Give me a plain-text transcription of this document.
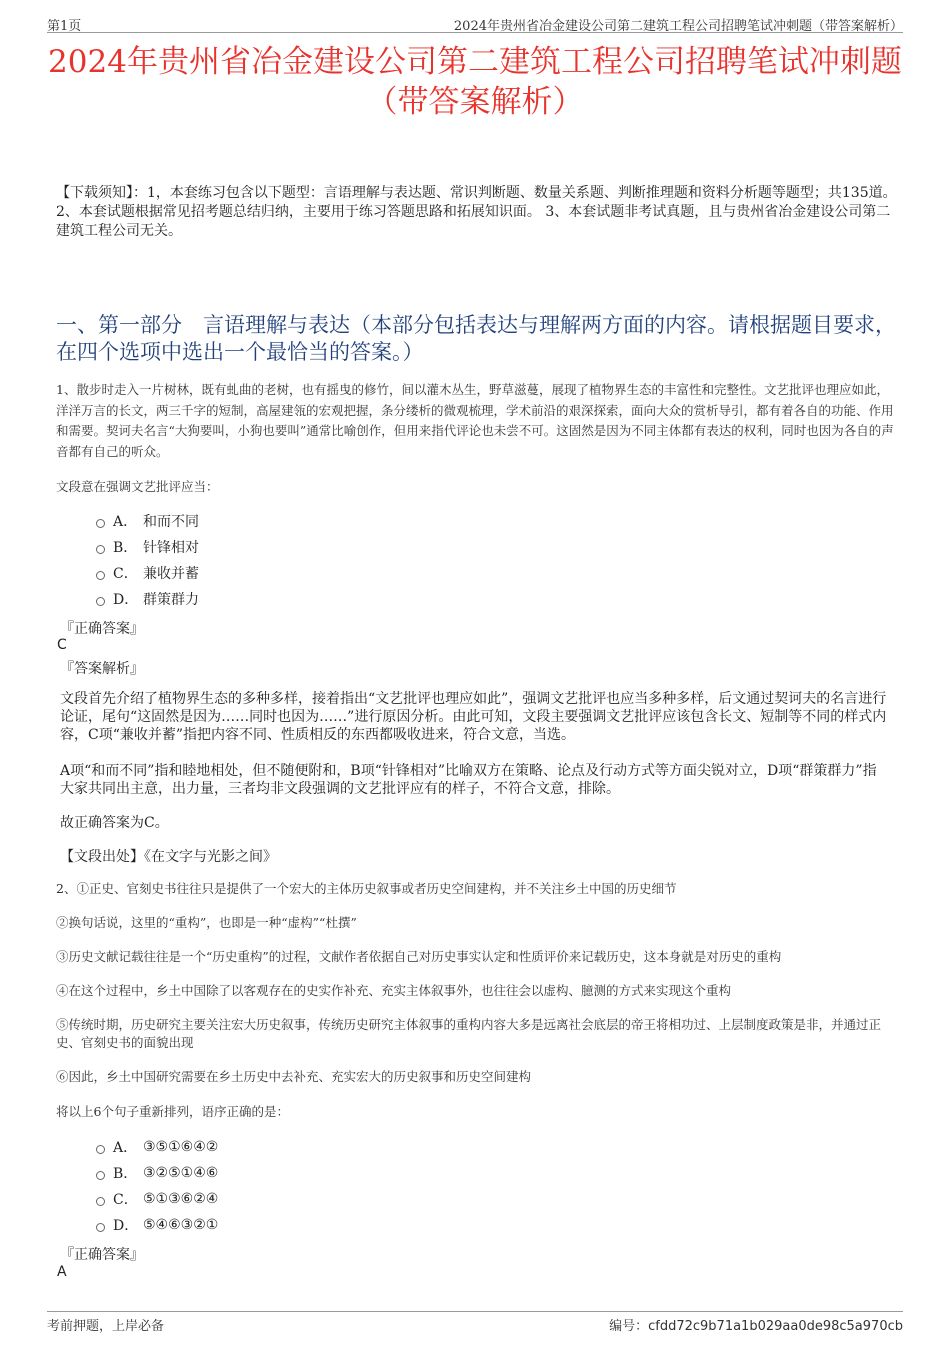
第1页	2024年贵州省冶金建设公司第二建筑工程公司招聘笔试冲刺题（带答案解析）
2024年贵州省冶金建设公司第二建筑工程公司招聘笔试冲刺题
（带答案解析）
【下载须知】：1，本套练习包含以下题型：言语理解与表达题、常识判断题、数量关系题、判断推理题和资料分析题等题型；共135道。 2、本套试题根据常见招考题总结归纳，主要用于练习答题思路和拓展知识面。 3、本套试题非考试真题，且与贵州省冶金建设公司第二建筑工程公司无关。
一、第一部分　言语理解与表达（本部分包括表达与理解两方面的内容。请根据题目要求，在四个选项中选出一个最恰当的答案。）
1、散步时走入一片树林，既有虬曲的老树，也有摇曳的修竹，间以灌木丛生，野草滋蔓，展现了植物界生态的丰富性和完整性。文艺批评也理应如此，洋洋万言的长文，两三千字的短制，高屋建瓴的宏观把握，条分缕析的微观梳理，学术前沿的艰深探索，面向大众的赏析导引，都有着各自的功能、作用和需要。契诃夫名言“大狗要叫，小狗也要叫”通常比喻创作，但用来指代评论也未尝不可。这固然是因为不同主体都有表达的权利，同时也因为各自的声音都有自己的听众。
文段意在强调文艺批评应当：
A． 和而不同
B． 针锋相对
C． 兼收并蓄
D． 群策群力
『正确答案』
C
『答案解析』
文段首先介绍了植物界生态的多种多样，接着指出“文艺批评也理应如此”，强调文艺批评也应当多种多样，后文通过契诃夫的名言进行论证，尾句“这固然是因为……同时也因为……”进行原因分析。由此可知，文段主要强调文艺批评应该包含长文、短制等不同的样式内容，C项“兼收并蓄”指把内容不同、性质相反的东西都吸收进来，符合文意，当选。
A项“和而不同”指和睦地相处，但不随便附和，B项“针锋相对”比喻双方在策略、论点及行动方式等方面尖锐对立，D项“群策群力”指大家共同出主意，出力量，三者均非文段强调的文艺批评应有的样子，不符合文意，排除。
故正确答案为C。
【文段出处】《在文字与光影之间》
2、①正史、官刻史书往往只是提供了一个宏大的主体历史叙事或者历史空间建构，并不关注乡土中国的历史细节
②换句话说，这里的“重构”，也即是一种“虚构”“杜撰”
③历史文献记载往往是一个“历史重构”的过程，文献作者依据自己对历史事实认定和性质评价来记载历史，这本身就是对历史的重构
④在这个过程中，乡土中国除了以客观存在的史实作补充、充实主体叙事外，也往往会以虚构、臆测的方式来实现这个重构
⑤传统时期，历史研究主要关注宏大历史叙事，传统历史研究主体叙事的重构内容大多是远离社会底层的帝王将相功过、上层制度政策是非，并通过正史、官刻史书的面貌出现
⑥因此，乡土中国研究需要在乡土历史中去补充、充实宏大的历史叙事和历史空间建构
将以上6个句子重新排列，语序正确的是：
A． ③⑤①⑥④②
B． ③②⑤①④⑥
C． ⑤①③⑥②④
D． ⑤④⑥③②①
『正确答案』
A
考前押题，上岸必备	编号：cfdd72c9b71a1b029aa0de98c5a970cb
